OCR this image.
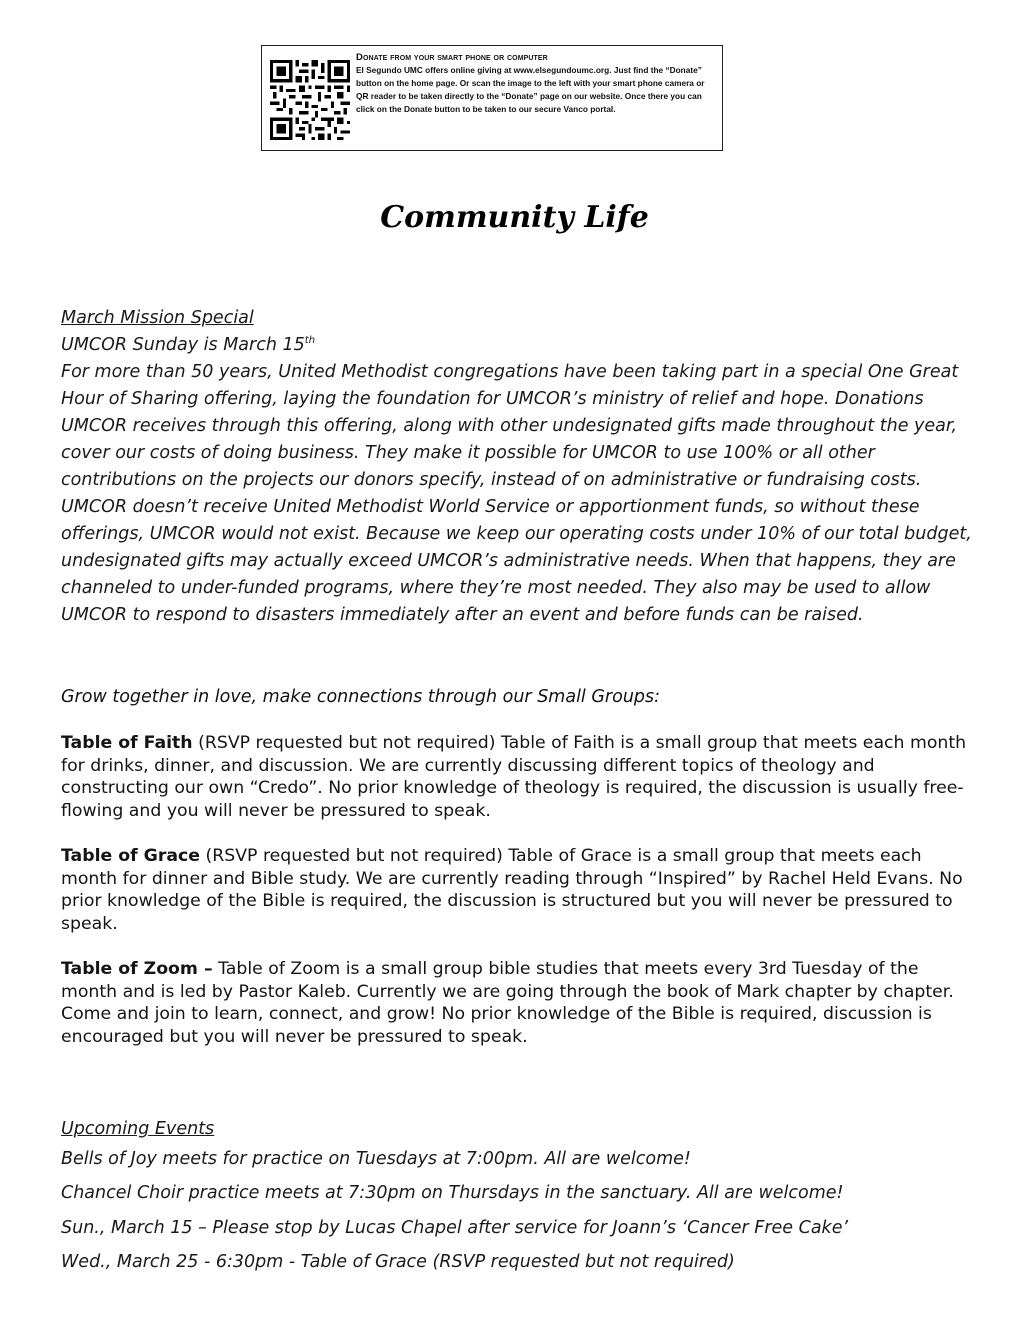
Donate from your smart phone or computer
El Segundo UMC offers online giving at www.elsegundoumc.org. Just find the “Donate” button on the home page. Or scan the image to the left with your smart phone camera or QR reader to be taken directly to the “Donate” page on our website. Once there you can click on the Donate button to be taken to our secure Vanco portal.
Community Life

March Mission Special

UMCOR Sunday is March 15th

For more than 50 years, United Methodist congregations have been taking part in a special One Great Hour of Sharing offering, laying the foundation for UMCOR’s ministry of relief and hope. Donations UMCOR receives through this offering, along with other undesignated gifts made throughout the year, cover our costs of doing business. They make it possible for UMCOR to use 100% or all other contributions on the projects our donors specify, instead of on administrative or fundraising costs. UMCOR doesn’t receive United Methodist World Service or apportionment funds, so without these offerings, UMCOR would not exist. Because we keep our operating costs under 10% of our total budget, undesignated gifts may actually exceed UMCOR’s administrative needs. When that happens, they are channeled to under-funded programs, where they’re most needed. They also may be used to allow UMCOR to respond to disasters immediately after an event and before funds can be raised.

Grow together in love, make connections through our Small Groups:

Table of Faith (RSVP requested but not required) Table of Faith is a small group that meets each month for drinks, dinner, and discussion. We are currently discussing different topics of theology and constructing our own “Credo”. No prior knowledge of theology is required, the discussion is usually free-flowing and you will never be pressured to speak.

Table of Grace (RSVP requested but not required) Table of Grace is a small group that meets each month for dinner and Bible study. We are currently reading through “Inspired” by Rachel Held Evans. No prior knowledge of the Bible is required, the discussion is structured but you will never be pressured to speak.

Table of Zoom – Table of Zoom is a small group bible studies that meets every 3rd Tuesday of the month and is led by Pastor Kaleb. Currently we are going through the book of Mark chapter by chapter. Come and join to learn, connect, and grow! No prior knowledge of the Bible is required, discussion is encouraged but you will never be pressured to speak.

Upcoming Events
Bells of Joy meets for practice on Tuesdays at 7:00pm. All are welcome!
Chancel Choir practice meets at 7:30pm on Thursdays in the sanctuary. All are welcome!
Sun., March 15 – Please stop by Lucas Chapel after service for Joann’s ‘Cancer Free Cake’
Wed., March 25 - 6:30pm - Table of Grace (RSVP requested but not required)
